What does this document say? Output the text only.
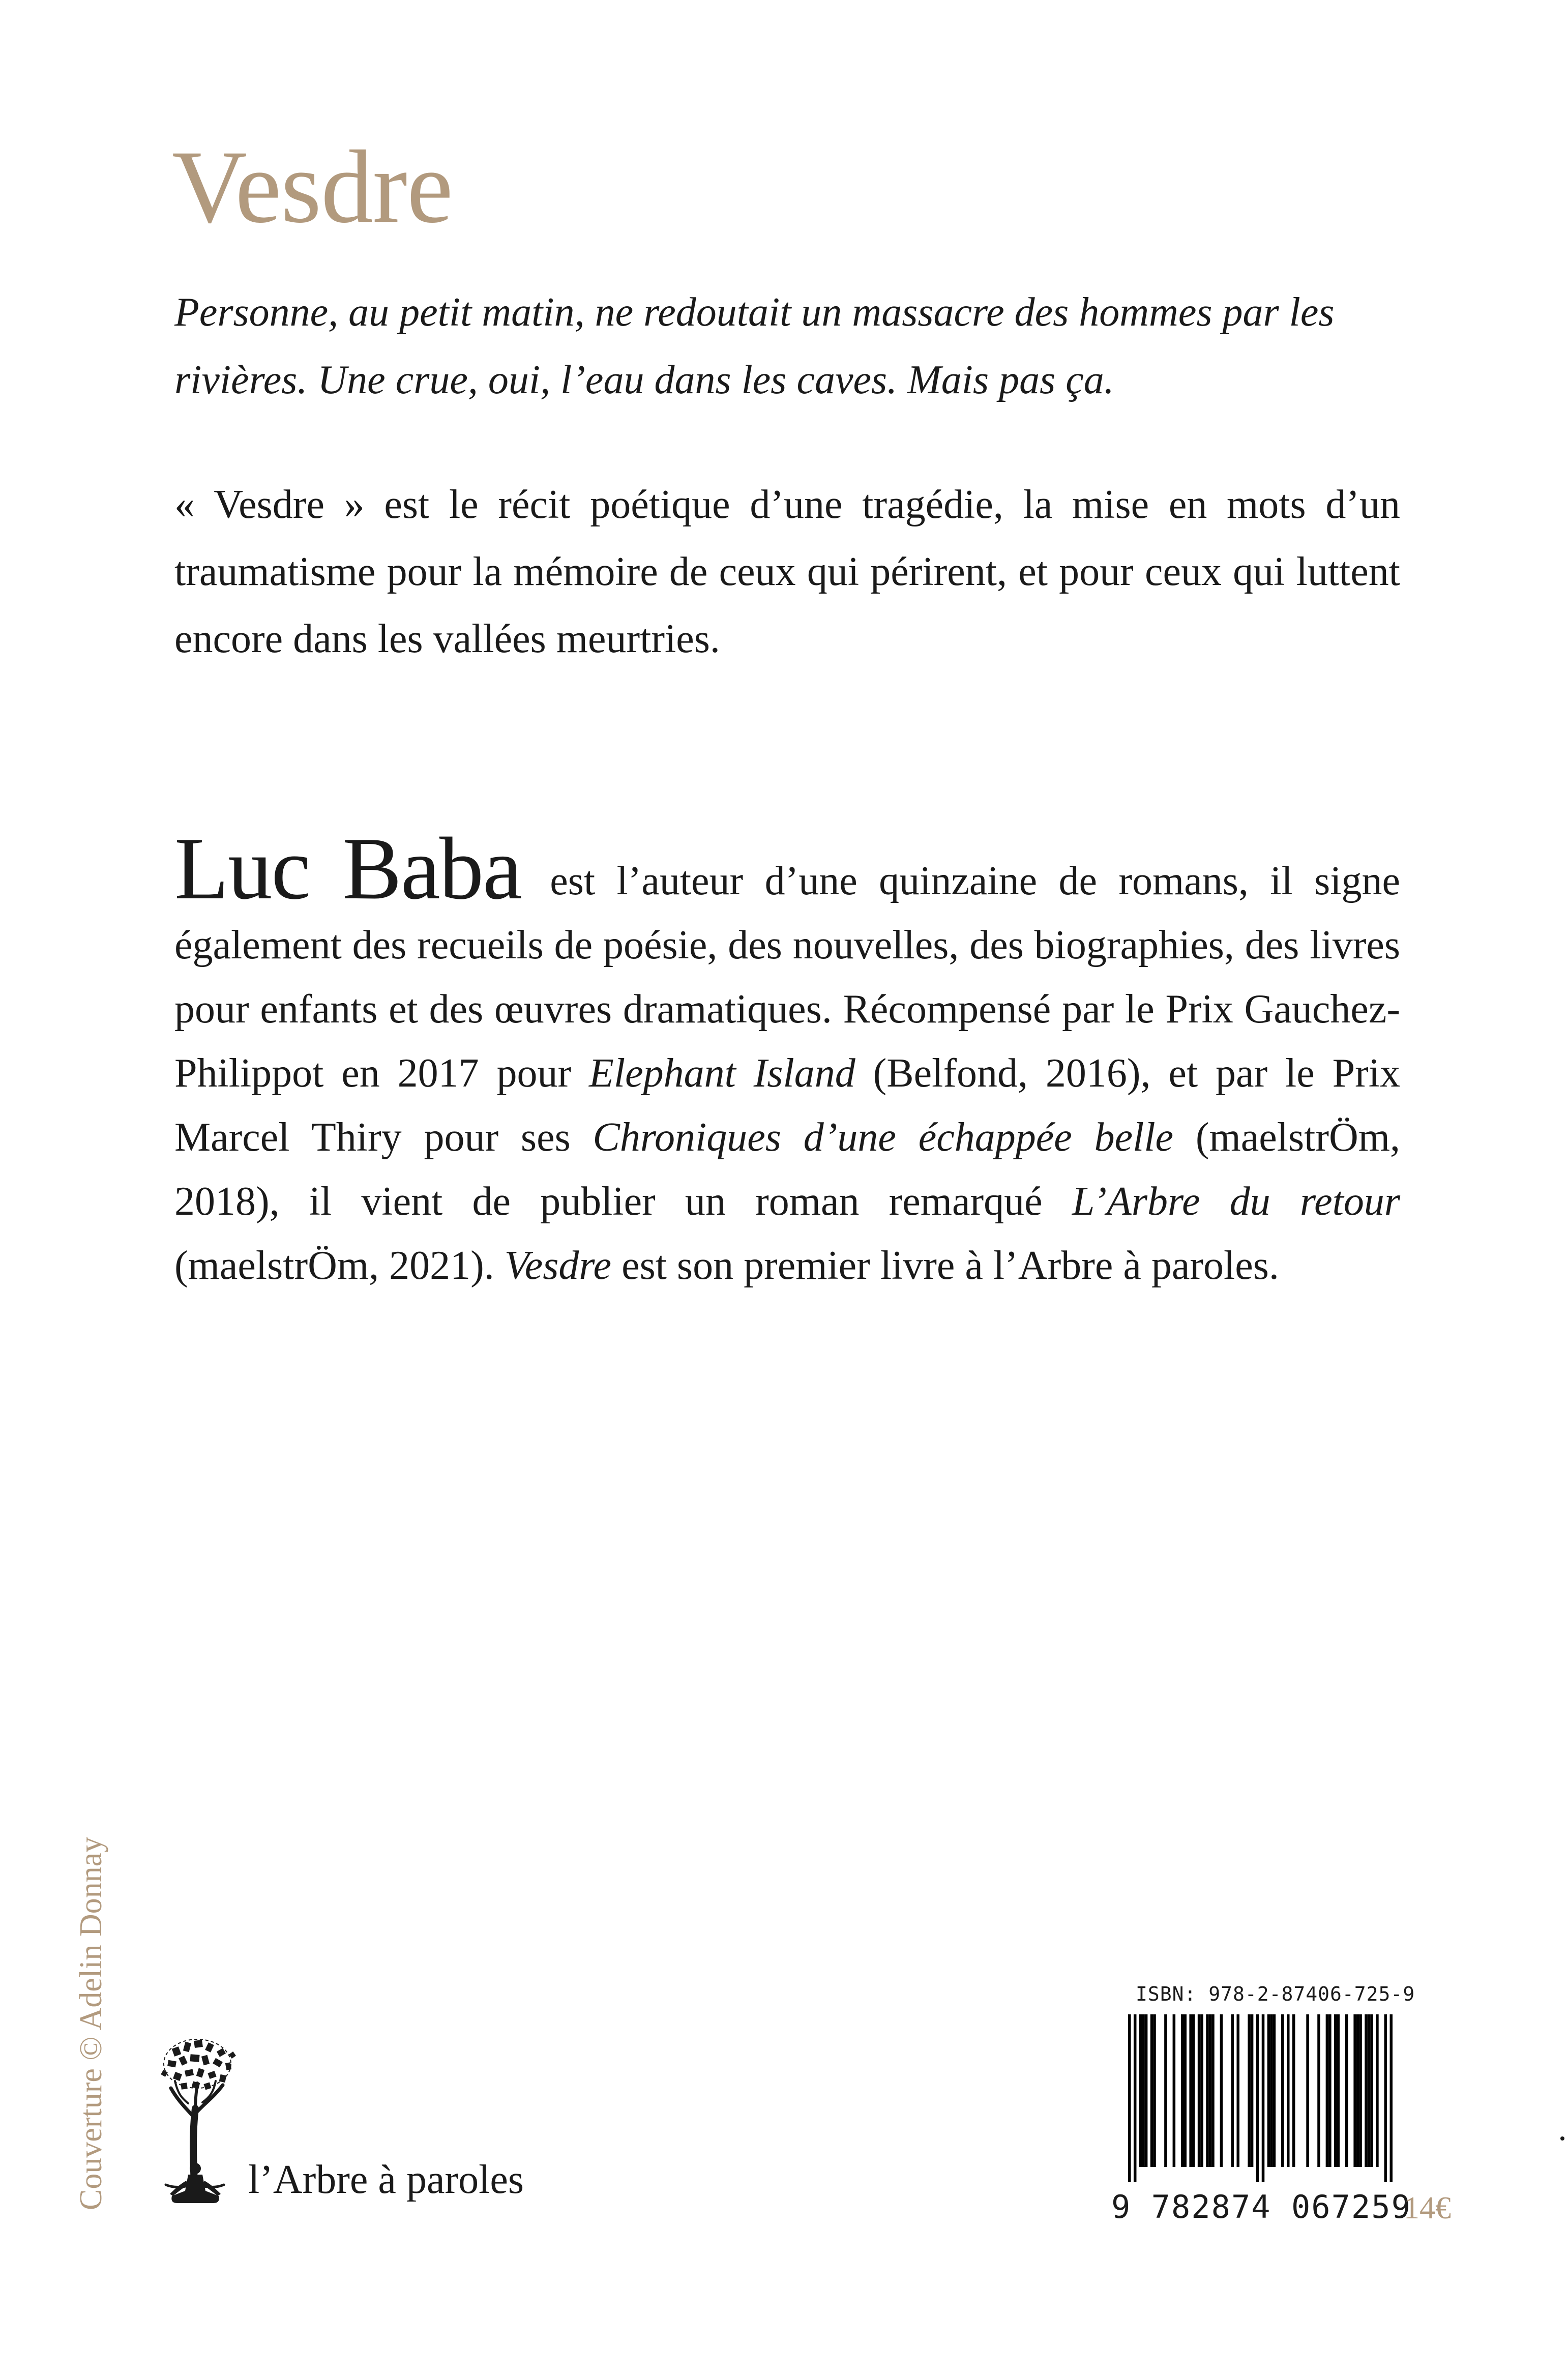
Vesdre

Personne, au petit matin, ne redoutait un massacre des hommes par les rivières. Une crue, oui, l’eau dans les caves. Mais pas ça.

« Vesdre » est le récit poétique d’une tragédie, la mise en mots d’un traumatisme pour la mémoire de ceux qui périrent, et pour ceux qui luttent encore dans les vallées meurtries.

Luc Baba est l’auteur d’une quinzaine de romans, il signe également des recueils de poésie, des nouvelles, des biographies, des livres pour enfants et des œuvres dramatiques. Récompensé par le Prix Gauchez-Philippot en 2017 pour Elephant Island (Belfond, 2016), et par le Prix Marcel Thiry pour ses Chroniques d’une échappée belle (maelstrÖm, 2018), il vient de publier un roman remarqué L’Arbre du retour (maelstrÖm, 2021). Vesdre est son premier livre à l’Arbre à paroles.

Couverture © Adelin Donnay	l’Arbre à paroles
ISBN: 978-2-87406-725-9
9 782874 067259
14€
